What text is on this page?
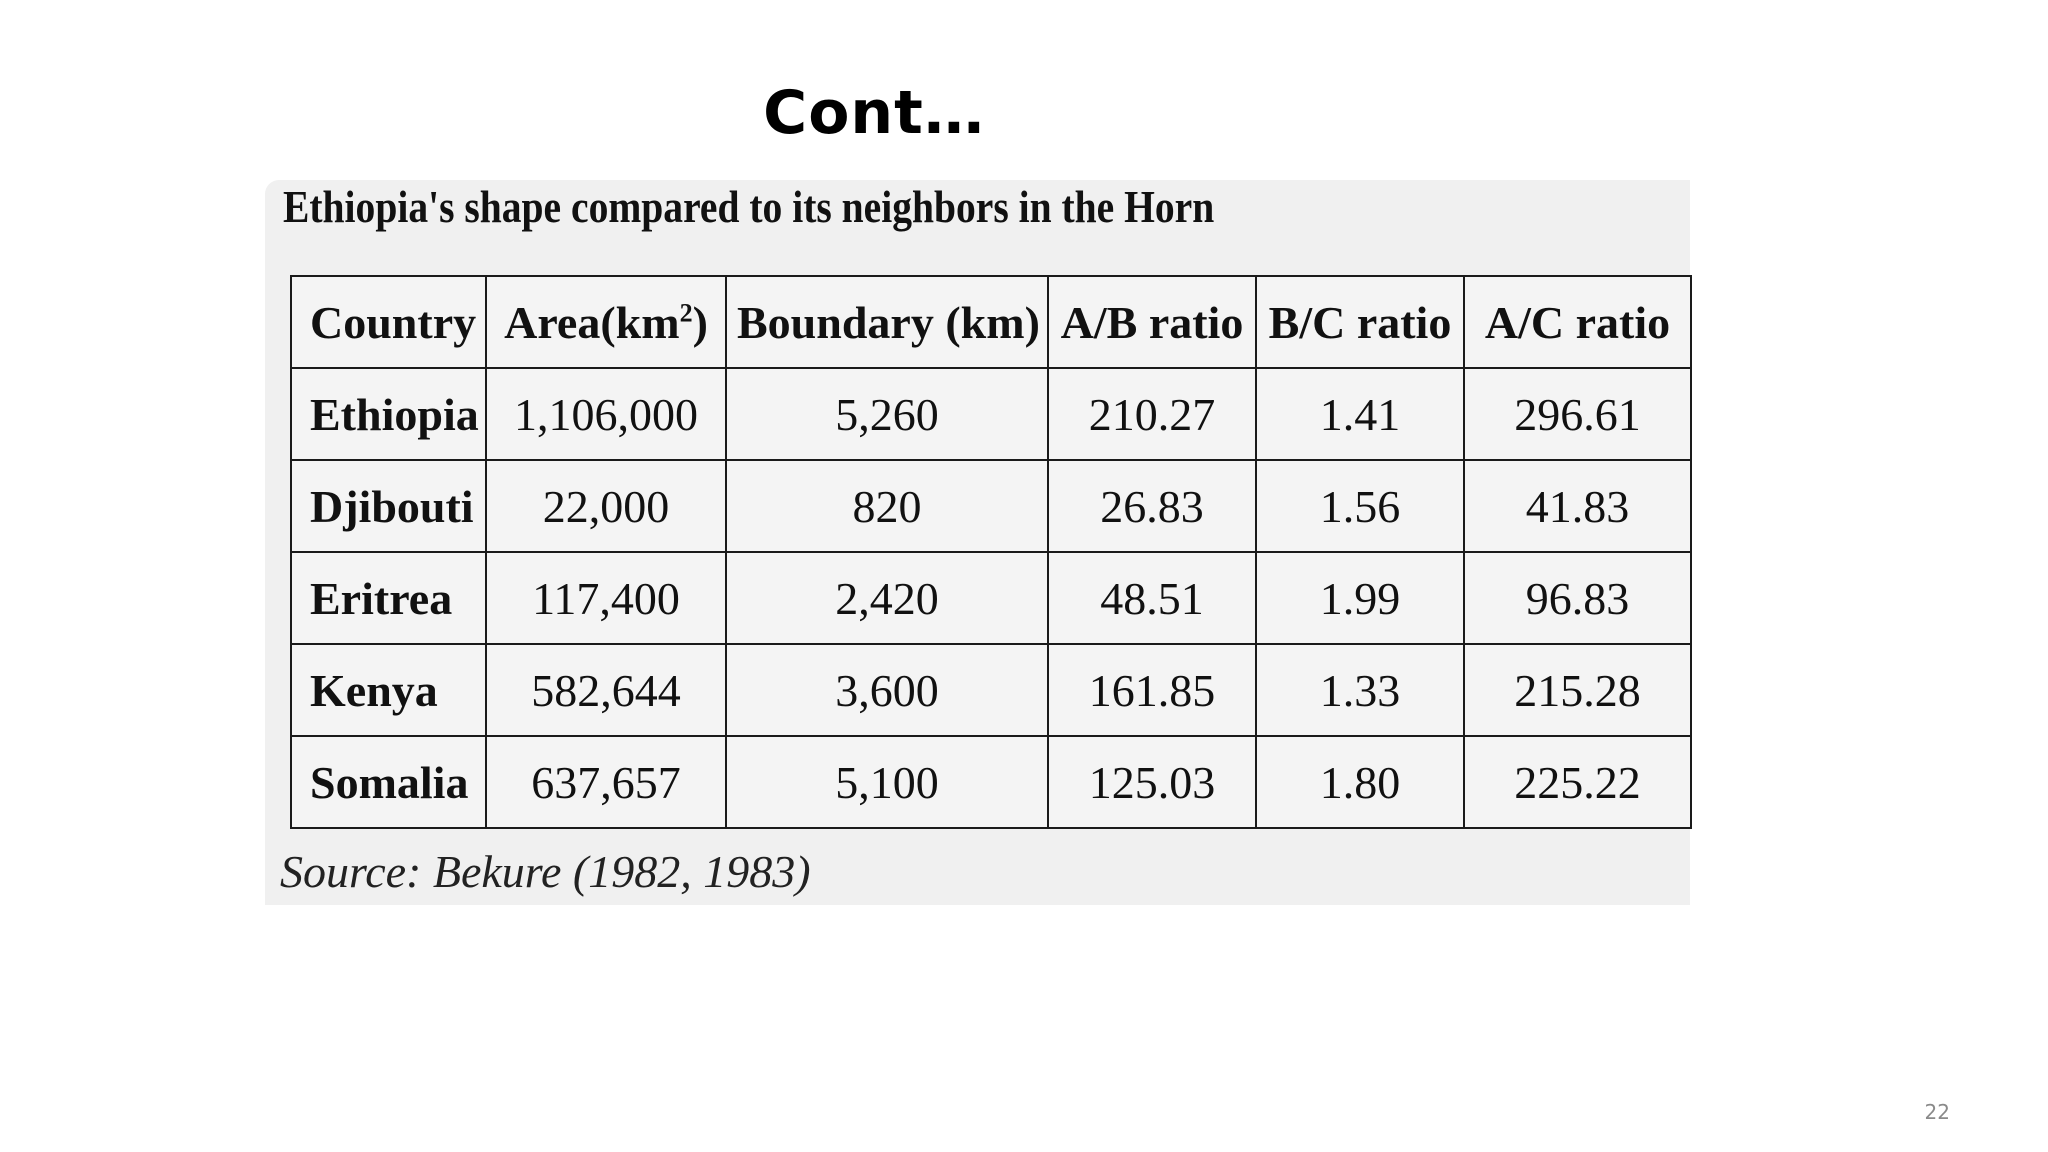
Cont…
Ethiopia's shape compared to its neighbors in the Horn
Country	$Area(km^2)$	Boundary (km)	A/B ratio	B/C ratio	A/C ratio
Ethiopia	1,106,000	5,260	210.27	1.41	296.61
Djibouti	22,000	820	26.83	1.56	41.83
Eritrea	117,400	2,420	48.51	1.99	96.83
Kenya	582,644	3,600	161.85	1.33	215.28
Somalia	637,657	5,100	125.03	1.80	225.22
Source: Bekure (1982, 1983)
22
